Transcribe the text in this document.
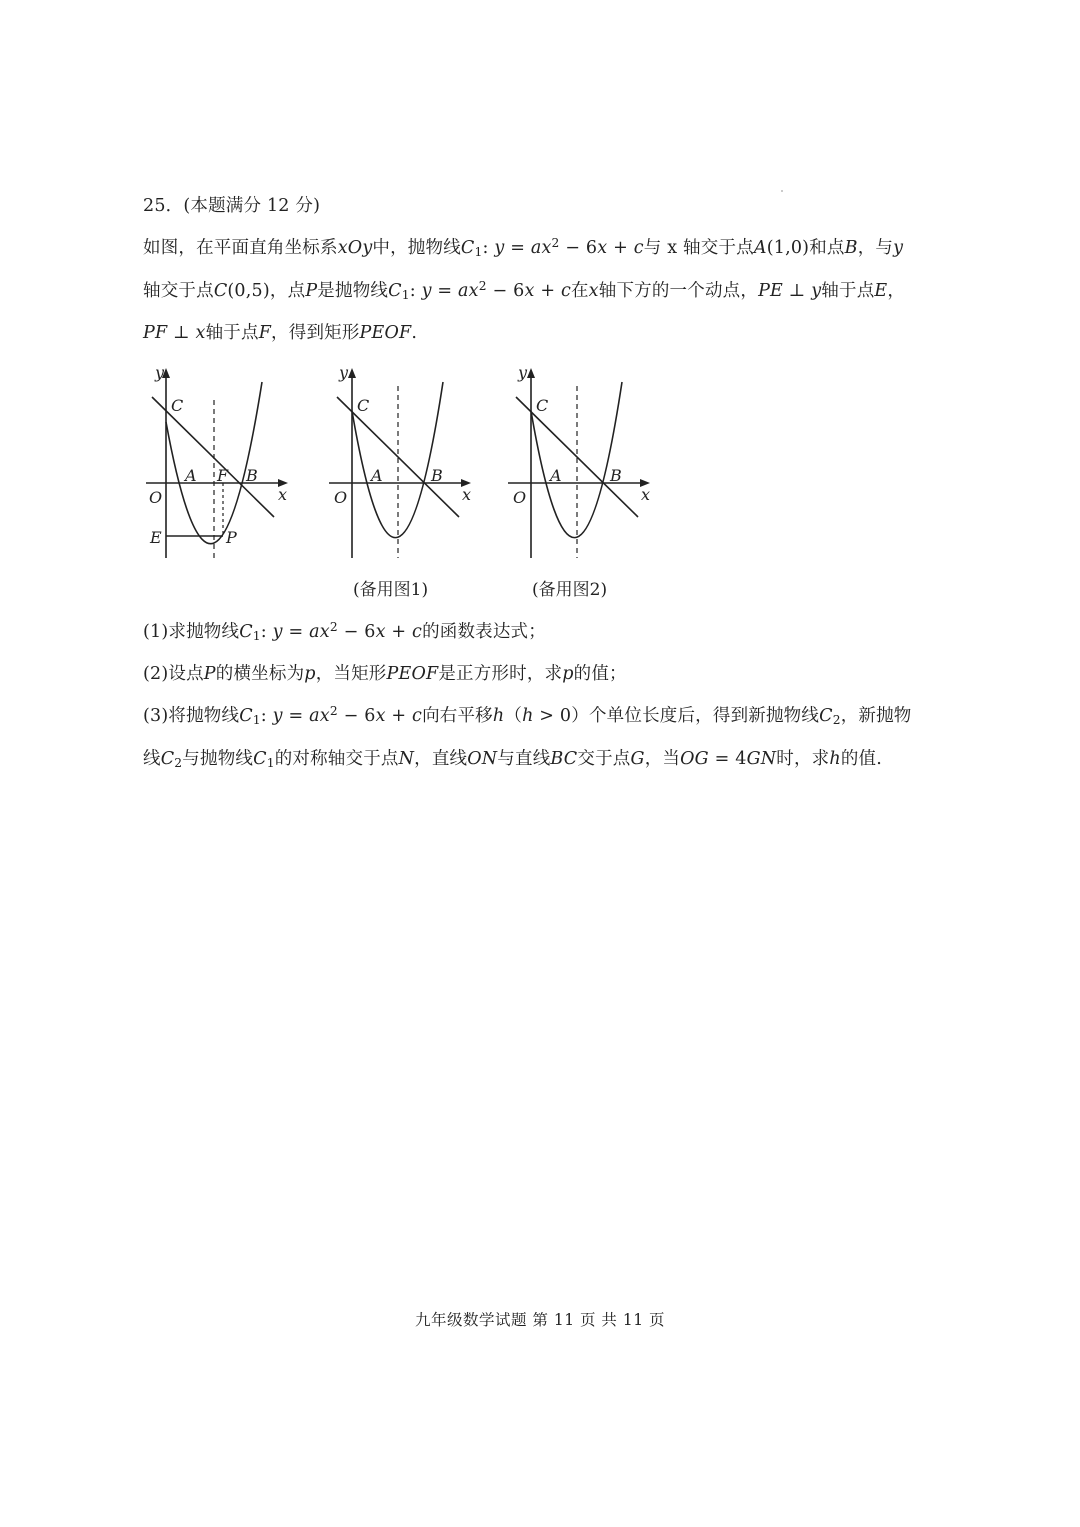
25．(本题满分 12 分)
如图，在平面直角坐标系xOy中，抛物线$C_1$: $y = ax^2 - 6x + c$与 x 轴交于点A(1,0)和点B，与y
轴交于点C(0,5)，点P是抛物线$C_1$: $y = ax^2 - 6x + c$在x轴下方的一个动点，PE ⊥ y轴于点E，
PF ⊥ x轴于点F，得到矩形PEOF.
y
C
A F B
x
O
E	P
y
C
A	B
x
O
y
C
A	B
x
O
(备用图1)	(备用图2)
(1)求抛物线$C_1$: $y = ax^2 - 6x + c$的函数表达式；
(2)设点P的横坐标为p，当矩形PEOF是正方形时，求p的值；
(3)将抛物线$C_1$: $y = ax^2 - 6x + c$向右平移h（h > 0）个单位长度后，得到新抛物线$C_2$，新抛物
线$C_2$与抛物线$C_1$的对称轴交于点N，直线ON与直线BC交于点G，当OG = 4GN时，求h的值.
九年级数学试题 第 11 页 共 11 页
